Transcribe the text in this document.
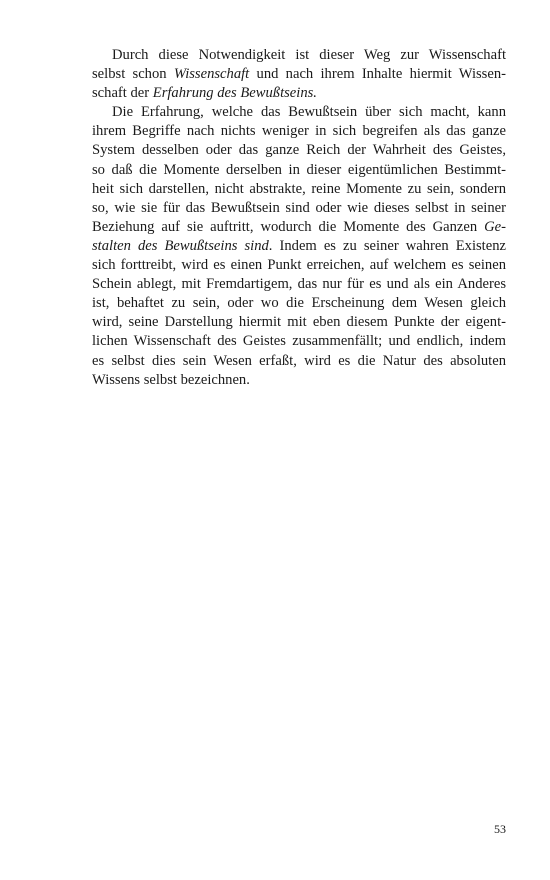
Durch diese Notwendigkeit ist dieser Weg zur Wissenschaft
selbst schon Wissenschaft und nach ihrem Inhalte hiermit Wissen-
schaft der Erfahrung des Bewußtseins.
Die Erfahrung, welche das Bewußtsein über sich macht, kann
ihrem Begriffe nach nichts weniger in sich begreifen als das ganze
System desselben oder das ganze Reich der Wahrheit des Geistes,
so daß die Momente derselben in dieser eigentümlichen Bestimmt-
heit sich darstellen, nicht abstrakte, reine Momente zu sein, sondern
so, wie sie für das Bewußtsein sind oder wie dieses selbst in seiner
Beziehung auf sie auftritt, wodurch die Momente des Ganzen Ge-
stalten des Bewußtseins sind. Indem es zu seiner wahren Existenz
sich forttreibt, wird es einen Punkt erreichen, auf welchem es seinen
Schein ablegt, mit Fremdartigem, das nur für es und als ein Anderes
ist, behaftet zu sein, oder wo die Erscheinung dem Wesen gleich
wird, seine Darstellung hiermit mit eben diesem Punkte der eigent-
lichen Wissenschaft des Geistes zusammenfällt; und endlich, indem
es selbst dies sein Wesen erfaßt, wird es die Natur des absoluten
Wissens selbst bezeichnen.
53
